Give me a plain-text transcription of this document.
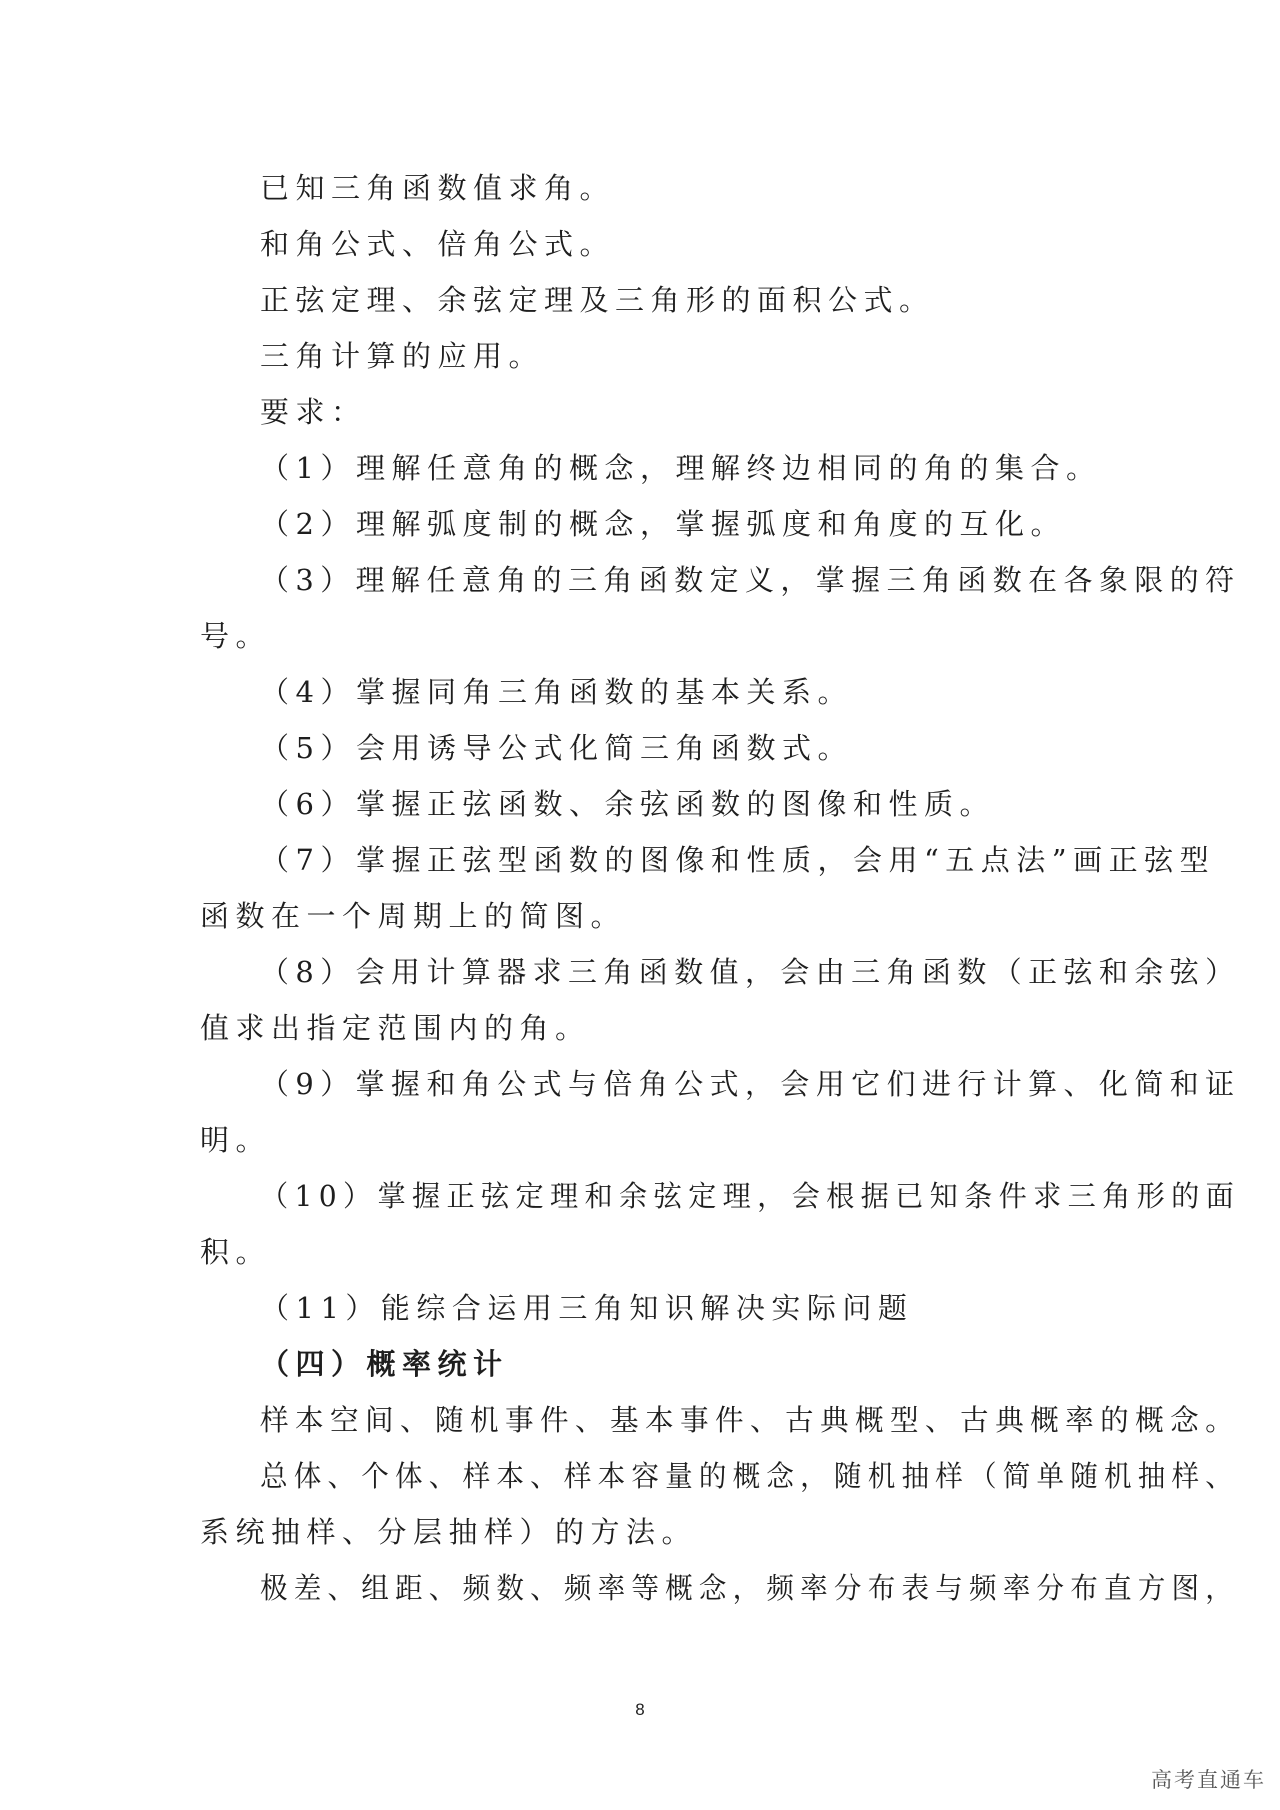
已知三角函数值求角。
和角公式、倍角公式。
正弦定理、余弦定理及三角形的面积公式。
三角计算的应用。
要求：
（1）理解任意角的概念，理解终边相同的角的集合。
（2）理解弧度制的概念，掌握弧度和角度的互化。
（3）理解任意角的三角函数定义，掌握三角函数在各象限的符
号。
（4）掌握同角三角函数的基本关系。
（5）会用诱导公式化简三角函数式。
（6）掌握正弦函数、余弦函数的图像和性质。
（7）掌握正弦型函数的图像和性质，会用“五点法”画正弦型
函数在一个周期上的简图。
（8）会用计算器求三角函数值，会由三角函数（正弦和余弦）
值求出指定范围内的角。
（9）掌握和角公式与倍角公式，会用它们进行计算、化简和证
明。
（10）掌握正弦定理和余弦定理，会根据已知条件求三角形的面
积。
（11）能综合运用三角知识解决实际问题
（四）概率统计
样本空间、随机事件、基本事件、古典概型、古典概率的概念。
总体、个体、样本、样本容量的概念，随机抽样（简单随机抽样、
系统抽样、分层抽样）的方法。
极差、组距、频数、频率等概念，频率分布表与频率分布直方图，
8
高考直通车
